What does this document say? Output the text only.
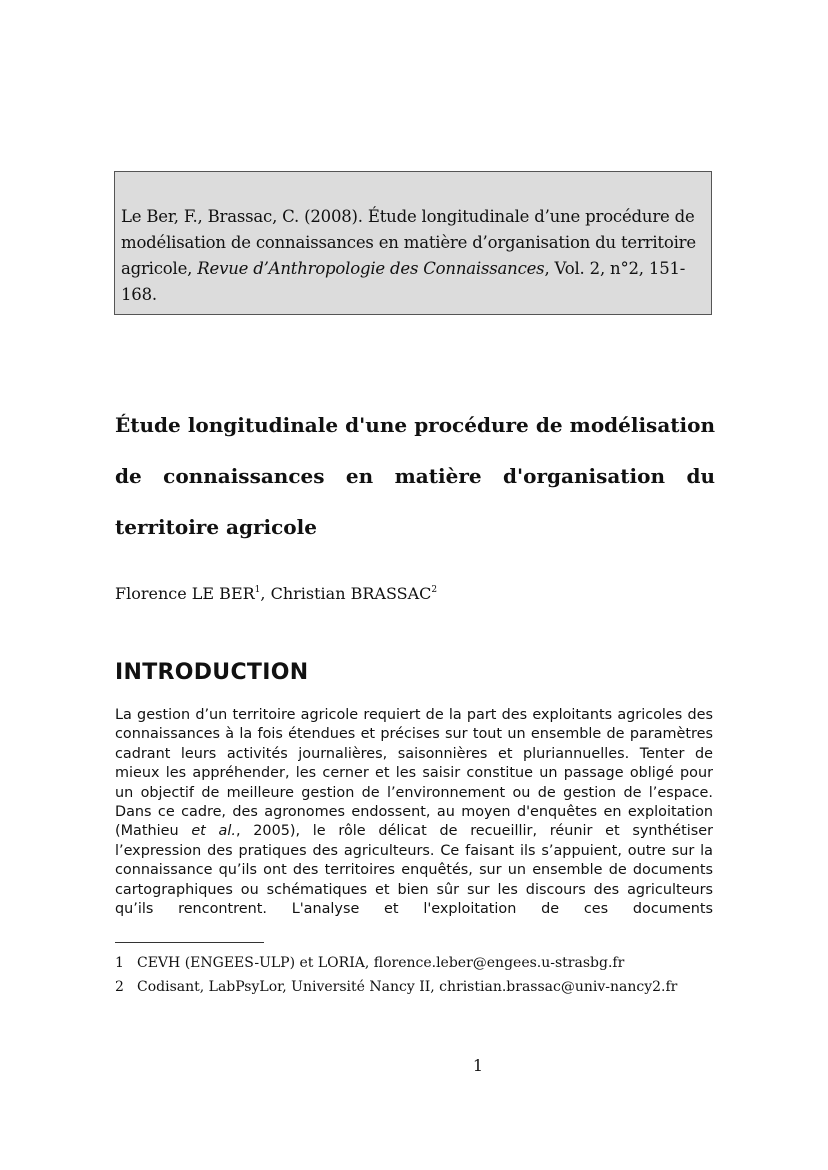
Le Ber, F., Brassac, C. (2008). Étude longitudinale d’une procédure de modélisation de connaissances en matière d’organisation du territoire agricole, Revue d’Anthropologie des Connaissances, Vol. 2, n°2, 151-168.
Étude longitudinale d'une procédure de modélisation de connaissances en matière d'organisation du territoire agricole
Florence LE BER$^1$, Christian BRASSAC$^2$
INTRODUCTION

La gestion d’un territoire agricole requiert de la part des exploitants agricoles des connaissances à la fois étendues et précises sur tout un ensemble de paramètres cadrant leurs activités journalières, saisonnières et pluriannuelles. Tenter de mieux les appréhender, les cerner et les saisir constitue un passage obligé pour un objectif de meilleure gestion de l’environnement ou de gestion de l’espace. Dans ce cadre, des agronomes endossent, au moyen d'enquêtes en exploitation (Mathieu et al., 2005), le rôle délicat de recueillir, réunir et synthétiser l’expression des pratiques des agriculteurs. Ce faisant ils s’appuient, outre sur la connaissance qu’ils ont des territoires enquêtés, sur un ensemble de documents cartographiques ou schématiques et bien sûr sur les discours des agriculteurs qu’ils rencontrent. L'analyse et l'exploitation de ces documents

1 CEVH (ENGEES-ULP) et LORIA, florence.leber@engees.u-strasbg.fr
2 Codisant, LabPsyLor, Université Nancy II, christian.brassac@univ-nancy2.fr
1
